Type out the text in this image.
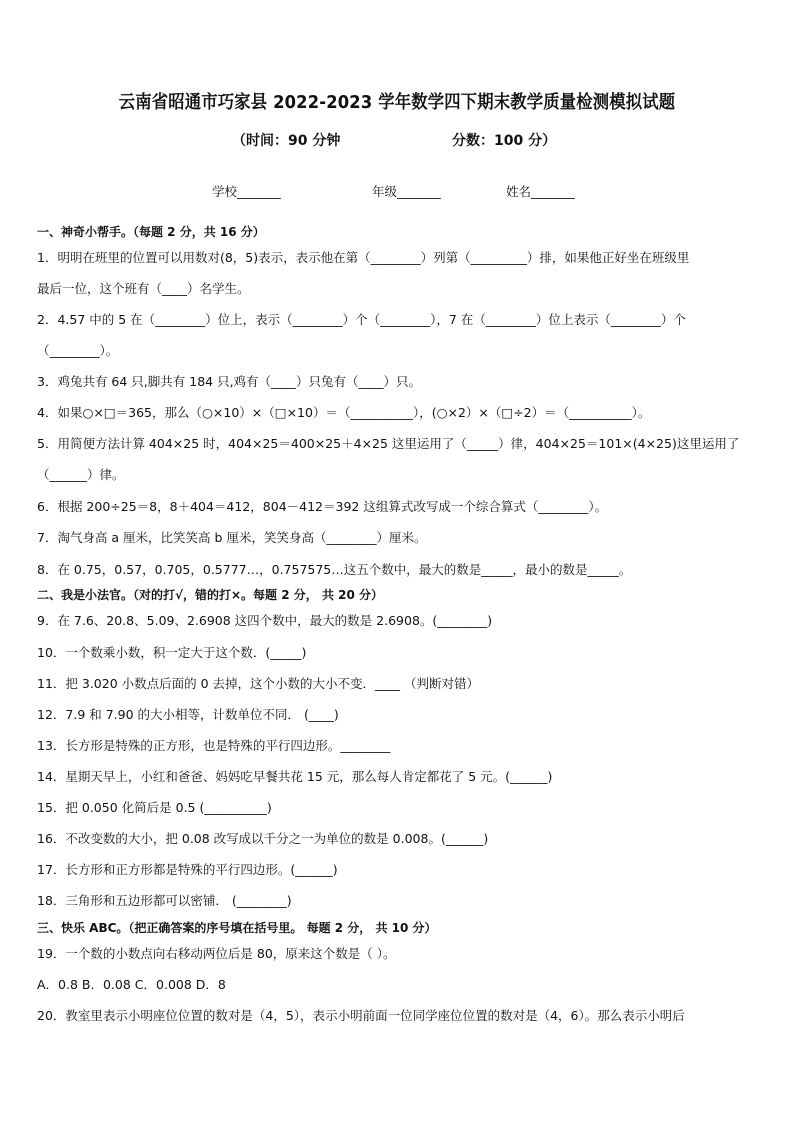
云南省昭通市巧家县 2022-2023 学年数学四下期末教学质量检测模拟试题
（时间：90 分钟	分数：100 分）
学校_______	年级_______	姓名_______
一、神奇小帮手。（每题 2 分，共 16 分）
1．明明在班里的位置可以用数对(8，5)表示，表示他在第（________）列第（_________）排，如果他正好坐在班级里
最后一位，这个班有（____）名学生。
2．4.57 中的 5 在（________）位上，表示（________）个（________），7 在（________）位上表示（________）个
（________）。
3．鸡兔共有 64 只,脚共有 184 只,鸡有（____）只兔有（____）只。
4．如果○×□＝365，那么（○×10）×（□×10）＝（__________），(○×2）×（□÷2）＝（__________）。
5．用简便方法计算 404×25 时，404×25＝400×25＋4×25 这里运用了（_____）律，404×25＝101×(4×25)这里运用了
（______）律。
6．根据 200÷25＝8，8＋404＝412，804－412＝392 这组算式改写成一个综合算式（________）。
7．淘气身高 a 厘米，比笑笑高 b 厘米，笑笑身高（________）厘米。
8．在 0.75，0.57，0.705，0.5777…，0.757575…这五个数中，最大的数是_____，最小的数是_____。
二、我是小法官。（对的打√，错的打×。每题 2 分， 共 20 分）
9．在 7.6、20.8、5.09、2.6908 这四个数中，最大的数是 2.6908。(________)
10．一个数乘小数，积一定大于这个数．(_____)
11．把 3.020 小数点后面的 0 去掉，这个小数的大小不变．____ （判断对错）
12．7.9 和 7.90 的大小相等，计数单位不同． (____)
13．长方形是特殊的正方形，也是特殊的平行四边形。________
14．星期天早上，小红和爸爸、妈妈吃早餐共花 15 元，那么每人肯定都花了 5 元。(______)
15．把 0.050 化简后是 0.5 (__________)
16．不改变数的大小，把 0.08 改写成以千分之一为单位的数是 0.008。(______)
17．长方形和正方形都是特殊的平行四边形。(______)
18．三角形和五边形都可以密铺． (________)
三、快乐 ABC。（把正确答案的序号填在括号里。 每题 2 分， 共 10 分）
19．一个数的小数点向右移动两位后是 80，原来这个数是（ ）。
A．0.8 B．0.08 C．0.008 D．8
20．教室里表示小明座位位置的数对是（4，5），表示小明前面一位同学座位位置的数对是（4，6）。那么表示小明后
